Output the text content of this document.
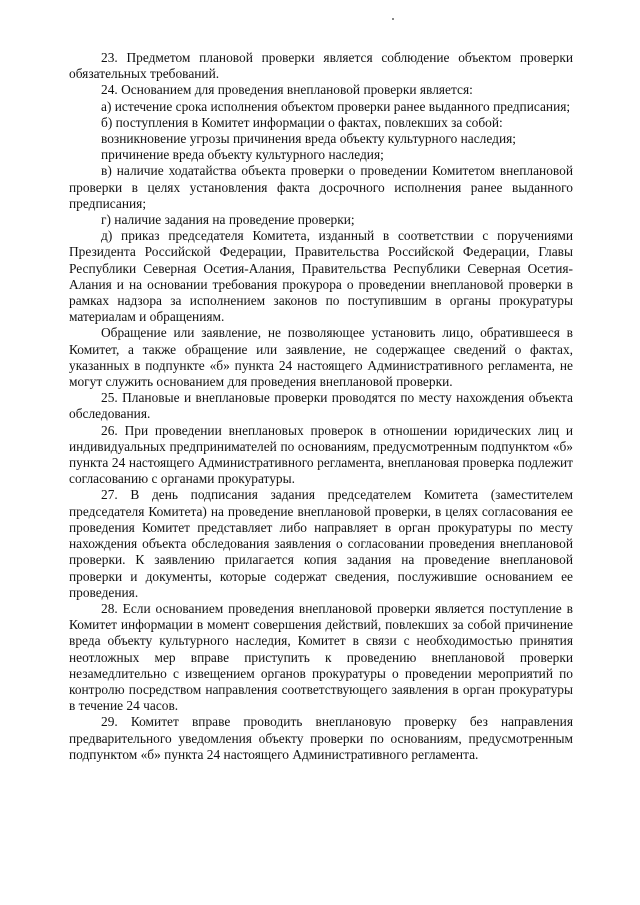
23. Предметом плановой проверки является соблюдение объектом проверки обязательных требований.

24. Основанием для проведения внеплановой проверки является:

а) истечение срока исполнения объектом проверки ранее выданного предписания;

б) поступления в Комитет информации о фактах, повлекших за собой:

возникновение угрозы причинения вреда объекту культурного наследия;

причинение вреда объекту культурного наследия;

в) наличие ходатайства объекта проверки о проведении Комитетом внеплановой проверки в целях установления факта досрочного исполнения ранее выданного предписания;

г) наличие задания на проведение проверки;

д) приказ председателя Комитета, изданный в соответствии с поручениями Президента Российской Федерации, Правительства Российской Федерации, Главы Республики Северная Осетия-Алания, Правительства Республики Северная Осетия-Алания и на основании требования прокурора о проведении внеплановой проверки в рамках надзора за исполнением законов по поступившим в органы прокуратуры материалам и обращениям.

Обращение или заявление, не позволяющее установить лицо, обратившееся в Комитет, а также обращение или заявление, не содержащее сведений о фактах, указанных в подпункте «б» пункта 24 настоящего Административного регламента, не могут служить основанием для проведения внеплановой проверки.

25. Плановые и внеплановые проверки проводятся по месту нахождения объекта обследования.

26. При проведении внеплановых проверок в отношении юридических лиц и индивидуальных предпринимателей по основаниям, предусмотренным подпунктом «б» пункта 24 настоящего Административного регламента, внеплановая проверка подлежит согласованию с органами прокуратуры.

27. В день подписания задания председателем Комитета (заместителем председателя Комитета) на проведение внеплановой проверки, в целях согласования ее проведения Комитет представляет либо направляет в орган прокуратуры по месту нахождения объекта обследования заявления о согласовании проведения внеплановой проверки. К заявлению прилагается копия задания на проведение внеплановой проверки и документы, которые содержат сведения, послужившие основанием ее проведения.

28. Если основанием проведения внеплановой проверки является поступление в Комитет информации в момент совершения действий, повлекших за собой причинение вреда объекту культурного наследия, Комитет в связи с необходимостью принятия неотложных мер вправе приступить к проведению внеплановой проверки незамедлительно с извещением органов прокуратуры о проведении мероприятий по контролю посредством направления соответствующего заявления в орган прокуратуры в течение 24 часов.

29. Комитет вправе проводить внеплановую проверку без направления предварительного уведомления объекту проверки по основаниям, предусмотренным подпунктом «б» пункта 24 настоящего Административного регламента.
